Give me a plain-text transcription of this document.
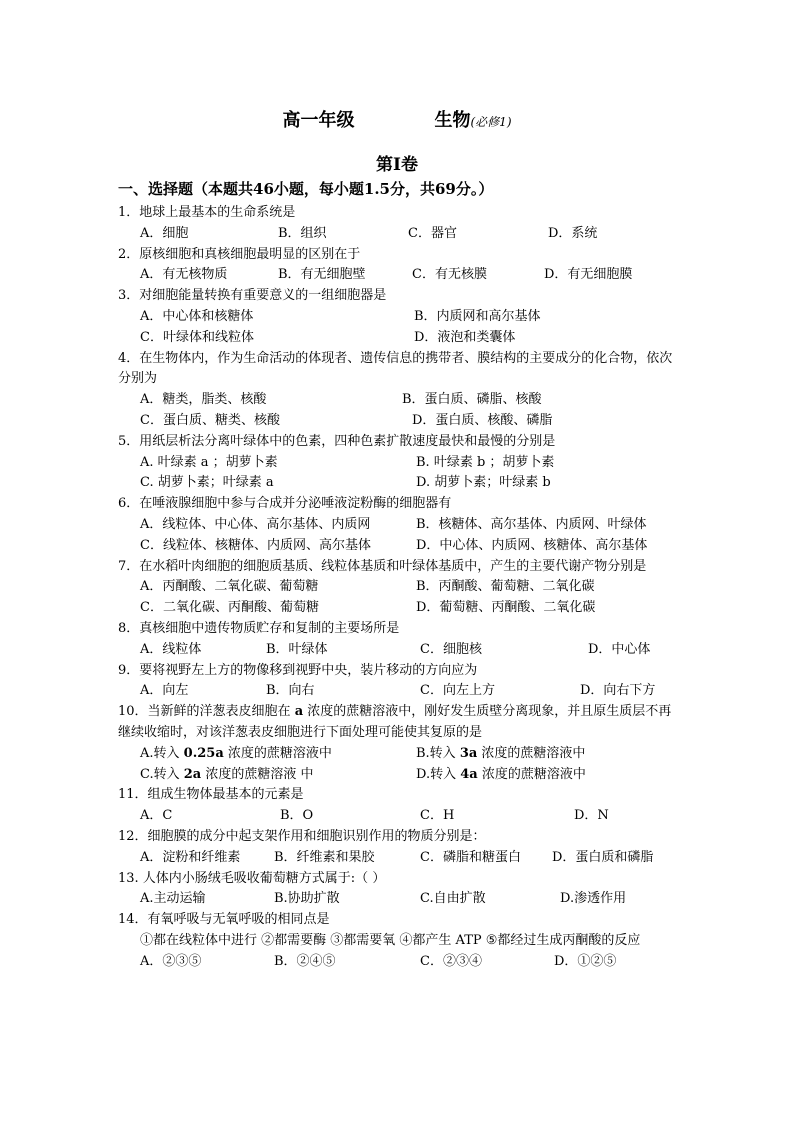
高一年级	生物(必修1)
第Ⅰ卷
一、选择题（本题共46小题，每小题1.5分，共69分。）
1．地球上最基本的生命系统是
A．细胞	B．组织	C．器官	D．系统
2．原核细胞和真核细胞最明显的区别在于
A．有无核物质	B．有无细胞壁	C．有无核膜	D．有无细胞膜
3．对细胞能量转换有重要意义的一组细胞器是
A．中心体和核糖体	B．内质网和高尔基体
C．叶绿体和线粒体	D．液泡和类囊体
4．在生物体内，作为生命活动的体现者、遗传信息的携带者、膜结构的主要成分的化合物，依次分别为
A．糖类，脂类、核酸	B．蛋白质、磷脂、核酸
C．蛋白质、糖类、核酸	D．蛋白质、核酸、磷脂
5．用纸层析法分离叶绿体中的色素，四种色素扩散速度最快和最慢的分别是
A. 叶绿素 a ；胡萝卜素	B. 叶绿素 b ；胡萝卜素
C. 胡萝卜素；叶绿素 a	D. 胡萝卜素；叶绿素 b
6．在唾液腺细胞中参与合成并分泌唾液淀粉酶的细胞器有
A．线粒体、中心体、高尔基体、内质网	B．核糖体、高尔基体、内质网、叶绿体
C．线粒体、核糖体、内质网、高尔基体	D．中心体、内质网、核糖体、高尔基体
7．在水稻叶肉细胞的细胞质基质、线粒体基质和叶绿体基质中，产生的主要代谢产物分别是
A．丙酮酸、二氧化碳、葡萄糖	B．丙酮酸、葡萄糖、二氧化碳
C．二氧化碳、丙酮酸、葡萄糖	D．葡萄糖、丙酮酸、二氧化碳
8．真核细胞中遗传物质贮存和复制的主要场所是
A．线粒体	B．叶绿体	C．细胞核	D．中心体
9．要将视野左上方的物像移到视野中央，装片移动的方向应为
A．向左	B．向右	C．向左上方	D．向右下方
10．当新鲜的洋葱表皮细胞在 a 浓度的蔗糖溶液中，刚好发生质壁分离现象，并且原生质层不再继续收缩时，对该洋葱表皮细胞进行下面处理可能使其复原的是
A.转入 0.25a 浓度的蔗糖溶液中	B.转入 3a 浓度的蔗糖溶液中
C.转入 2a 浓度的蔗糖溶液 中	D.转入 4a 浓度的蔗糖溶液中
11．组成生物体最基本的元素是
A．C	B．O	C．H	D．N
12．细胞膜的成分中起支架作用和细胞识别作用的物质分别是：
A．淀粉和纤维素	B．纤维素和果胶	C．磷脂和糖蛋白 D．蛋白质和磷脂
13. 人体内小肠绒毛吸收葡萄糖方式属于:（ ）
A.主动运输	B.协助扩散	C.自由扩散	D.渗透作用
14．有氧呼吸与无氧呼吸的相同点是
①都在线粒体中进行 ②都需要酶 ③都需要氧 ④都产生 ATP ⑤都经过生成丙酮酸的反应
A．②③⑤	B．②④⑤	C．②③④	D．①②⑤
